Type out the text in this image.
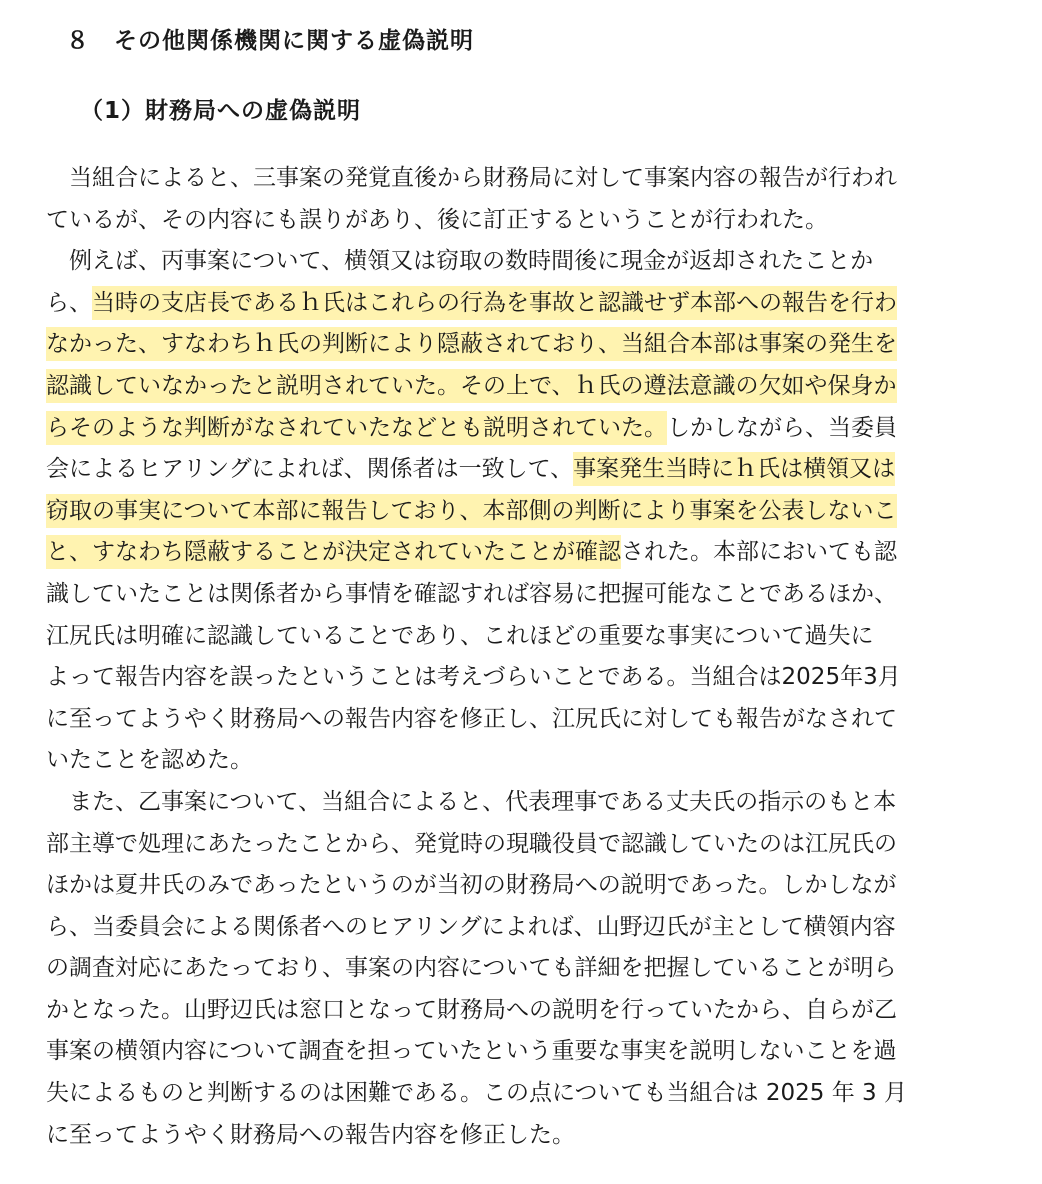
８　その他関係機関に関する虚偽説明
（1）財務局への虚偽説明
　当組合によると、三事案の発覚直後から財務局に対して事案内容の報告が行われ
ているが、その内容にも誤りがあり、後に訂正するということが行われた。
　例えば、丙事案について、横領又は窃取の数時間後に現金が返却されたことか
ら、当時の支店長であるｈ氏はこれらの行為を事故と認識せず本部への報告を行わ
なかった、すなわちｈ氏の判断により隠蔽されており、当組合本部は事案の発生を
認識していなかったと説明されていた。その上で、ｈ氏の遵法意識の欠如や保身か
らそのような判断がなされていたなどとも説明されていた。しかしながら、当委員
会によるヒアリングによれば、関係者は一致して、事案発生当時にｈ氏は横領又は
窃取の事実について本部に報告しており、本部側の判断により事案を公表しないこ
と、すなわち隠蔽することが決定されていたことが確認された。本部においても認
識していたことは関係者から事情を確認すれば容易に把握可能なことであるほか、
江尻氏は明確に認識していることであり、これほどの重要な事実について過失に
よって報告内容を誤ったということは考えづらいことである。当組合は2025年3月
に至ってようやく財務局への報告内容を修正し、江尻氏に対しても報告がなされて
いたことを認めた。
　また、乙事案について、当組合によると、代表理事である丈夫氏の指示のもと本
部主導で処理にあたったことから、発覚時の現職役員で認識していたのは江尻氏の
ほかは夏井氏のみであったというのが当初の財務局への説明であった。しかしなが
ら、当委員会による関係者へのヒアリングによれば、山野辺氏が主として横領内容
の調査対応にあたっており、事案の内容についても詳細を把握していることが明ら
かとなった。山野辺氏は窓口となって財務局への説明を行っていたから、自らが乙
事案の横領内容について調査を担っていたという重要な事実を説明しないことを過
失によるものと判断するのは困難である。この点についても当組合は 2025 年 3 月
に至ってようやく財務局への報告内容を修正した。
